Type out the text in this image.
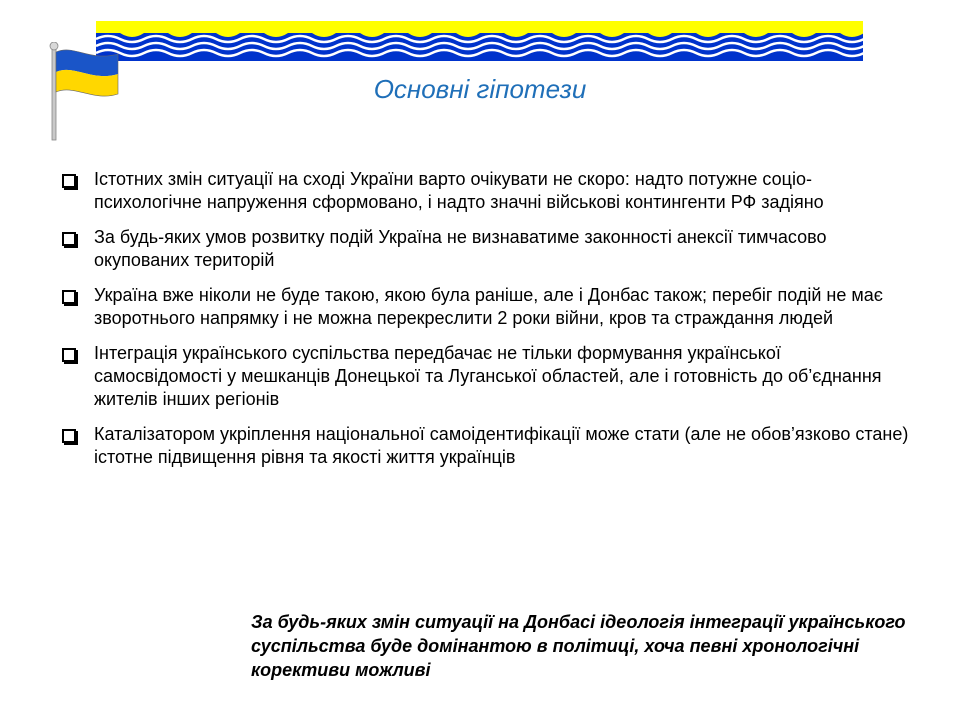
Основні гіпотези
Істотних змін ситуації на сході України варто очікувати не скоро: надто потужне соціо-психологічне напруження сформовано, і надто значні військові контингенти РФ задіяно
За будь-яких умов розвитку подій Україна не визнаватиме законності анексії тимчасово окупованих територій
Україна вже ніколи не буде такою, якою була раніше, але і Донбас також; перебіг подій не має зворотнього напрямку і не можна перекреслити 2 роки війни, кров та страждання людей
Інтеграція українського суспільства передбачає не тільки формування української самосвідомості у мешканців Донецької та Луганської областей, але і готовність до об’єднання жителів інших регіонів
Каталізатором укріплення національної самоідентифікації може стати (але не обов’язково стане) істотне підвищення рівня та якості життя українців
За будь-яких змін ситуації на Донбасі ідеологія інтеграції українського суспільства буде домінантою в політиці, хоча певні хронологічні корективи можливі
